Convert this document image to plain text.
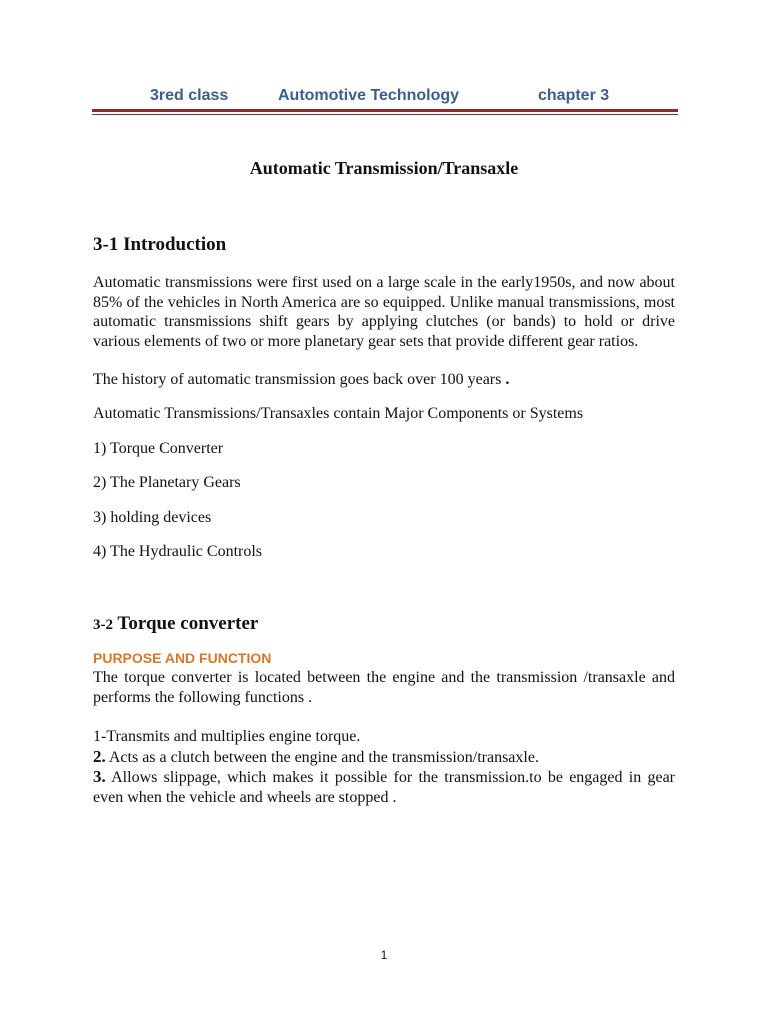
3red class	Automotive Technology	chapter 3
Automatic Transmission/Transaxle
3-1 Introduction
Automatic transmissions were first used on a large scale in the early1950s, and now about 85% of the vehicles in North America are so equipped. Unlike manual transmissions, most automatic transmissions shift gears by applying clutches (or bands) to hold or drive various elements of two or more planetary gear sets that provide different gear ratios.
The history of automatic transmission goes back over 100 years .
Automatic Transmissions/Transaxles contain Major Components or Systems
1) Torque Converter
2) The Planetary Gears
3) holding devices
4) The Hydraulic Controls
3-2 Torque converter
PURPOSE AND FUNCTION
The torque converter is located between the engine and the transmission /transaxle and performs the following functions .
1-Transmits and multiplies engine torque.
2. Acts as a clutch between the engine and the transmission/transaxle.
3. Allows slippage, which makes it possible for the transmission.to be engaged in gear even when the vehicle and wheels are stopped .
1
